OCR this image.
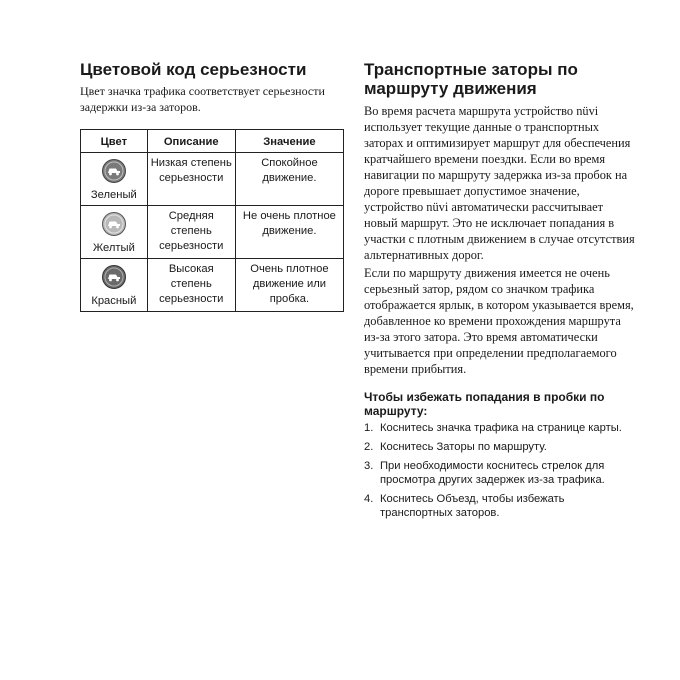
Цветовой код серьезности

Цвет значка трафика соответствует серьезности задержки из-за заторов.

Цвет	Описание	Значение

Зеленый	Низкая степень серьезности	Спокойное движение.

Желтый	Средняя степень серьезности	Не очень плотное движение.

Красный	Высокая степень серьезности	Очень плотное движение или пробка.
Транспортные заторы по маршруту движения

Во время расчета маршрута устройство nüvi использует текущие данные о транспортных заторах и оптимизирует маршрут для обеспечения кратчайшего времени поездки. Если во время навигации по маршруту задержка из-за пробок на дороге превышает допустимое значение, устройство nüvi автоматически рассчитывает новый маршрут. Это не исключает попадания в участки с плотным движением в случае отсутствия альтернативных дорог.

Если по маршруту движения имеется не очень серьезный затор, рядом со значком трафика отображается ярлык, в котором указывается время, добавленное ко времени прохождения маршрута из-за этого затора. Это время автоматически учитывается при определении предполагаемого времени прибытия.

Чтобы избежать попадания в пробки по маршруту:
1. Коснитесь значка трафика на странице карты.
2. Коснитесь Заторы по маршруту.
3. При необходимости коснитесь стрелок для просмотра других задержек из-за трафика.
4. Коснитесь Объезд, чтобы избежать транспортных заторов.
